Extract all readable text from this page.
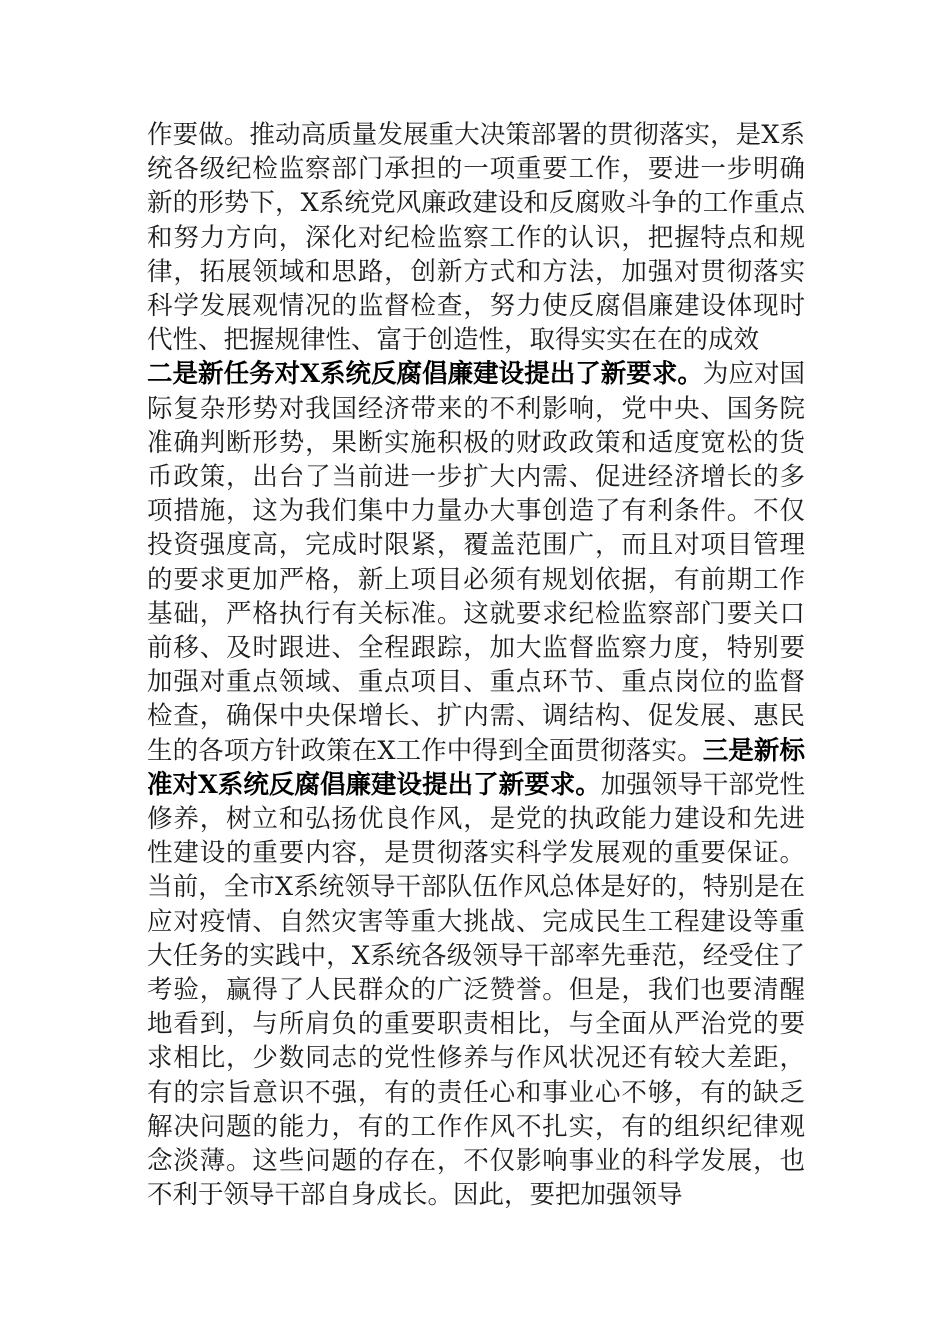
作要做。推动高质量发展重大决策部署的贯彻落实，是X系统各级纪检监察部门承担的一项重要工作，要进一步明确新的形势下，X系统党风廉政建设和反腐败斗争的工作重点和努力方向，深化对纪检监察工作的认识，把握特点和规律，拓展领域和思路，创新方式和方法，加强对贯彻落实科学发展观情况的监督检查，努力使反腐倡廉建设体现时代性、把握规律性、富于创造性，取得实实在在的成效

二是新任务对X系统反腐倡廉建设提出了新要求。为应对国际复杂形势对我国经济带来的不利影响，党中央、国务院准确判断形势，果断实施积极的财政政策和适度宽松的货币政策，出台了当前进一步扩大内需、促进经济增长的多项措施，这为我们集中力量办大事创造了有利条件。不仅投资强度高，完成时限紧，覆盖范围广，而且对项目管理的要求更加严格，新上项目必须有规划依据，有前期工作基础，严格执行有关标准。这就要求纪检监察部门要关口前移、及时跟进、全程跟踪，加大监督监察力度，特别要加强对重点领域、重点项目、重点环节、重点岗位的监督检查，确保中央保增长、扩内需、调结构、促发展、惠民生的各项方针政策在X工作中得到全面贯彻落实。三是新标准对X系统反腐倡廉建设提出了新要求。加强领导干部党性修养，树立和弘扬优良作风，是党的执政能力建设和先进性建设的重要内容，是贯彻落实科学发展观的重要保证。当前，全市X系统领导干部队伍作风总体是好的，特别是在应对疫情、自然灾害等重大挑战、完成民生工程建设等重大任务的实践中，X系统各级领导干部率先垂范，经受住了考验，赢得了人民群众的广泛赞誉。但是，我们也要清醒地看到，与所肩负的重要职责相比，与全面从严治党的要求相比，少数同志的党性修养与作风状况还有较大差距，有的宗旨意识不强，有的责任心和事业心不够，有的缺乏解决问题的能力，有的工作作风不扎实，有的组织纪律观念淡薄。这些问题的存在，不仅影响事业的科学发展，也不利于领导干部自身成长。因此，要把加强领导
